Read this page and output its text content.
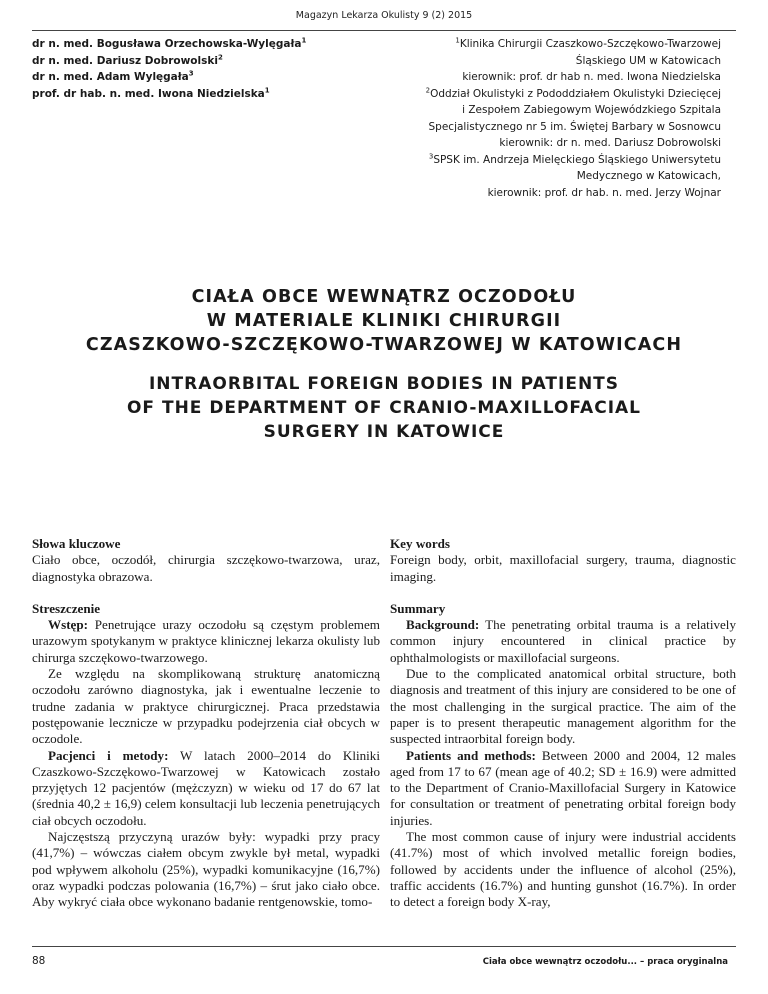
Magazyn Lekarza Okulisty 9 (2) 2015
dr n. med. Bogusława Orzechowska-Wylęgała$^1$
dr n. med. Dariusz Dobrowolski$^2$
dr n. med. Adam Wylęgała$^3$
prof. dr hab. n. med. Iwona Niedzielska$^1$
$^1$Klinika Chirurgii Czaszkowo-Szczękowo-Twarzowej
Śląskiego UM w Katowicach
kierownik: prof. dr hab n. med. Iwona Niedzielska
$^2$Oddział Okulistyki z Pododdziałem Okulistyki Dziecięcej
i Zespołem Zabiegowym Wojewódzkiego Szpitala
Specjalistycznego nr 5 im. Świętej Barbary w Sosnowcu
kierownik: dr n. med. Dariusz Dobrowolski
$^3$SPSK im. Andrzeja Mielęckiego Śląskiego Uniwersytetu
Medycznego w Katowicach,
kierownik: prof. dr hab. n. med. Jerzy Wojnar
CIAŁA OBCE WEWNĄTRZ OCZODOŁU
W MATERIALE KLINIKI CHIRURGII
CZASZKOWO-SZCZĘKOWO-TWARZOWEJ W KATOWICACH
INTRAORBITAL FOREIGN BODIES IN PATIENTS
OF THE DEPARTMENT OF CRANIO-MAXILLOFACIAL
SURGERY IN KATOWICE
Słowa kluczowe
Ciało obce, oczodół, chirurgia szczękowo-twarzowa, uraz, diagnostyka obrazowa.
Streszczenie

Wstęp: Penetrujące urazy oczodołu są częstym problemem urazowym spotykanym w praktyce klinicznej lekarza okulisty lub chirurga szczękowo-twarzowego.

Ze względu na skomplikowaną strukturę anatomiczną oczodołu zarówno diagnostyka, jak i ewentualne leczenie to trudne zadania w praktyce chirurgicznej. Praca przedstawia postępowanie lecznicze w przypadku podejrzenia ciał obcych w oczodole.

Pacjenci i metody: W latach 2000–2014 do Kliniki Czaszkowo-Szczękowo-Twarzowej w Katowicach zostało przyjętych 12 pacjentów (mężczyzn) w wieku od 17 do 67 lat (średnia 40,2 ± 16,9) celem konsultacji lub leczenia penetrujących ciał obcych oczodołu.

Najczęstszą przyczyną urazów były: wypadki przy pracy (41,7%) – wówczas ciałem obcym zwykle był metal, wypadki pod wpływem alkoholu (25%), wypadki komunikacyjne (16,7%) oraz wypadki podczas polowania (16,7%) – śrut jako ciało obce. Aby wykryć ciała obce wykonano badanie rentgenowskie, tomo-

Key words
Foreign body, orbit, maxillofacial surgery, trauma, diagnostic imaging.
Summary

Background: The penetrating orbital trauma is a relatively common injury encountered in clinical practice by ophthalmologists or maxillofacial surgeons.

Due to the complicated anatomical orbital structure, both diagnosis and treatment of this injury are considered to be one of the most challenging in the surgical practice. The aim of the paper is to present therapeutic management algorithm for the suspected intraorbital foreign body.

Patients and methods: Between 2000 and 2004, 12 males aged from 17 to 67 (mean age of 40.2; SD ± 16.9) were admitted to the Department of Cranio-Maxillofacial Surgery in Katowice for consultation or treatment of penetrating orbital foreign body injuries.

The most common cause of injury were industrial accidents (41.7%) most of which involved metallic foreign bodies, followed by accidents under the influence of alcohol (25%), traffic accidents (16.7%) and hunting gunshot (16.7%). In order to detect a foreign body X-ray,

88	Ciała obce wewnątrz oczodołu... – praca oryginalna
